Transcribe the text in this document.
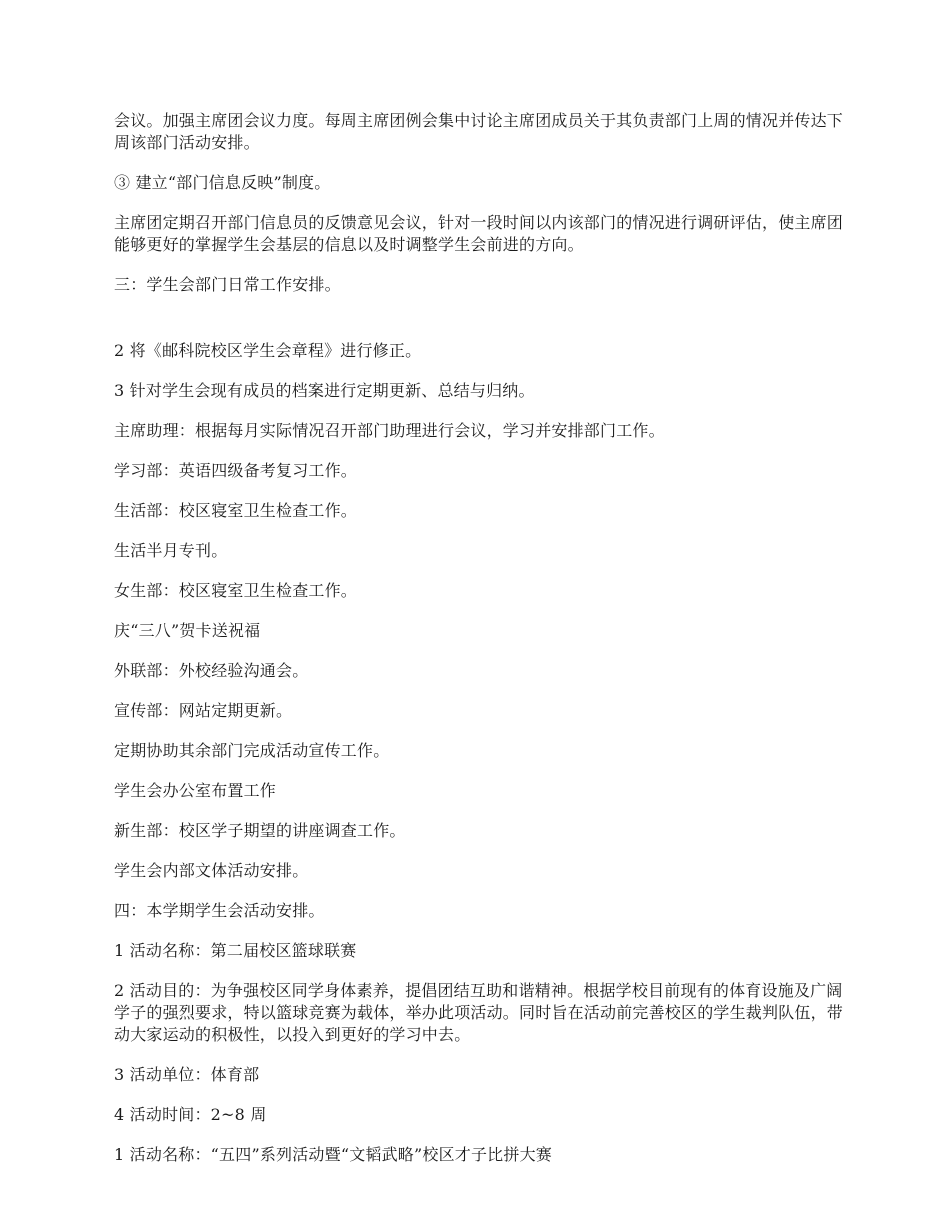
会议。加强主席团会议力度。每周主席团例会集中讨论主席团成员关于其负责部门上周的情况并传达下周该部门活动安排。

③ 建立“部门信息反映”制度。

主席团定期召开部门信息员的反馈意见会议，针对一段时间以内该部门的情况进行调研评估，使主席团能够更好的掌握学生会基层的信息以及时调整学生会前进的方向。

三：学生会部门日常工作安排。

2 将《邮科院校区学生会章程》进行修正。

3 针对学生会现有成员的档案进行定期更新、总结与归纳。

主席助理：根据每月实际情况召开部门助理进行会议，学习并安排部门工作。

学习部：英语四级备考复习工作。

生活部：校区寝室卫生检查工作。

生活半月专刊。

女生部：校区寝室卫生检查工作。

庆“三八”贺卡送祝福

外联部：外校经验沟通会。

宣传部：网站定期更新。

定期协助其余部门完成活动宣传工作。

学生会办公室布置工作

新生部：校区学子期望的讲座调查工作。

学生会内部文体活动安排。

四：本学期学生会活动安排。

1 活动名称：第二届校区篮球联赛

2 活动目的：为争强校区同学身体素养，提倡团结互助和谐精神。根据学校目前现有的体育设施及广阔学子的强烈要求，特以篮球竞赛为载体，举办此项活动。同时旨在活动前完善校区的学生裁判队伍，带动大家运动的积极性，以投入到更好的学习中去。

3 活动单位：体育部

4 活动时间：2~8 周

1 活动名称：“五四”系列活动暨“文韬武略”校区才子比拼大赛
